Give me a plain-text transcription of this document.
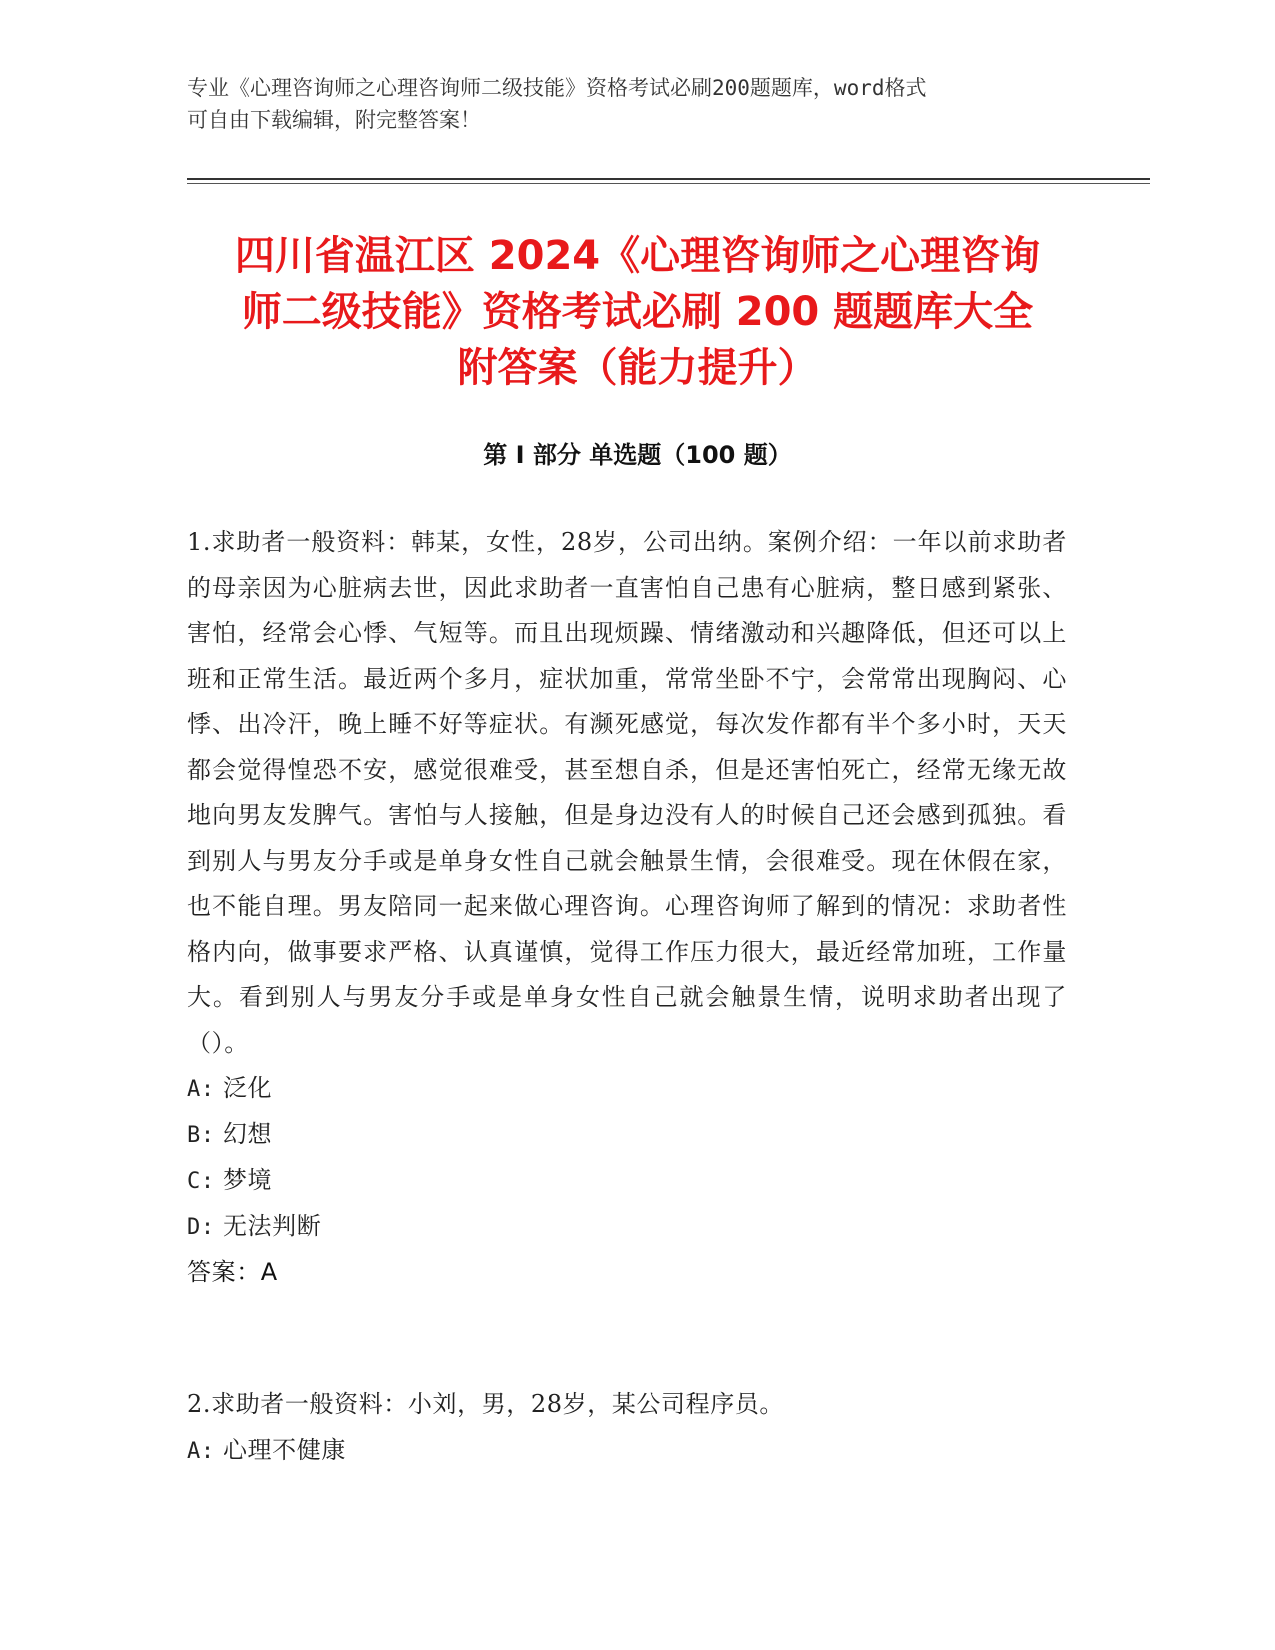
专业《心理咨询师之心理咨询师二级技能》资格考试必刷200题题库，word格式
可自由下载编辑，附完整答案！
四川省温江区 2024《心理咨询师之心理咨询
师二级技能》资格考试必刷 200 题题库大全
附答案（能力提升）
第 I 部分 单选题（100 题）

1.求助者一般资料：韩某，女性，28岁，公司出纳。案例介绍：一年以前求助者的母亲因为心脏病去世，因此求助者一直害怕自己患有心脏病，整日感到紧张、害怕，经常会心悸、气短等。而且出现烦躁、情绪激动和兴趣降低，但还可以上班和正常生活。最近两个多月，症状加重，常常坐卧不宁，会常常出现胸闷、心悸、出冷汗，晚上睡不好等症状。有濒死感觉，每次发作都有半个多小时，天天都会觉得惶恐不安，感觉很难受，甚至想自杀，但是还害怕死亡，经常无缘无故地向男友发脾气。害怕与人接触，但是身边没有人的时候自己还会感到孤独。看到别人与男友分手或是单身女性自己就会触景生情，会很难受。现在休假在家，也不能自理。男友陪同一起来做心理咨询。心理咨询师了解到的情况：求助者性格内向，做事要求严格、认真谨慎，觉得工作压力很大，最近经常加班，工作量大。看到别人与男友分手或是单身女性自己就会触景生情，说明求助者出现了（）。

A: 泛化

B: 幻想

C: 梦境

D: 无法判断

答案：A

2.求助者一般资料：小刘，男，28岁，某公司程序员。

A: 心理不健康
